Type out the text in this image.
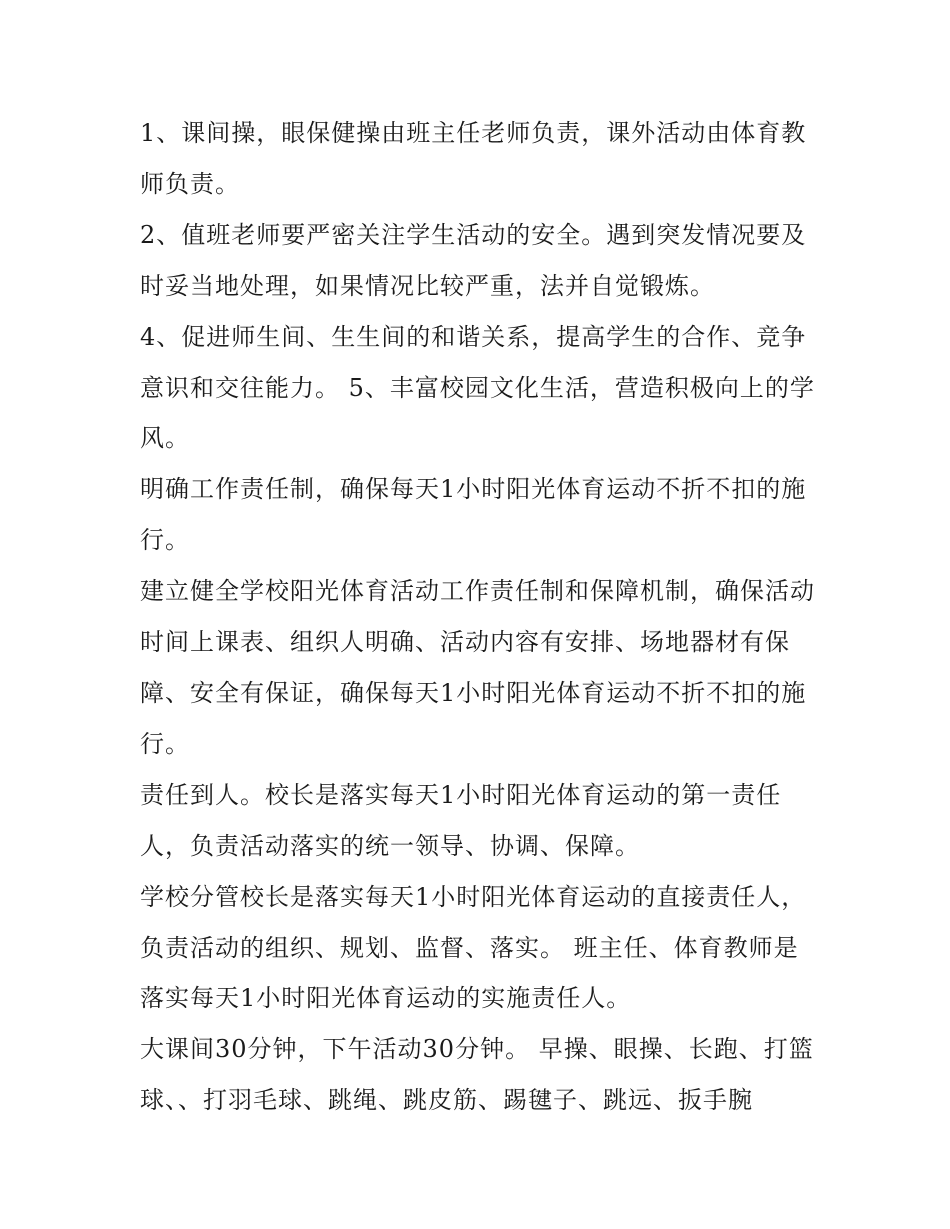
1、课间操，眼保健操由班主任老师负责，课外活动由体育教师负责。

2、值班老师要严密关注学生活动的安全。遇到突发情况要及时妥当地处理，如果情况比较严重，法并自觉锻炼。

4、促进师生间、生生间的和谐关系，提高学生的合作、竞争意识和交往能力。 5、丰富校园文化生活，营造积极向上的学风。

明确工作责任制，确保每天1小时阳光体育运动不折不扣的施行。

建立健全学校阳光体育活动工作责任制和保障机制，确保活动时间上课表、组织人明确、活动内容有安排、场地器材有保障、安全有保证，确保每天1小时阳光体育运动不折不扣的施行。

责任到人。校长是落实每天1小时阳光体育运动的第一责任人，负责活动落实的统一领导、协调、保障。

学校分管校长是落实每天1小时阳光体育运动的直接责任人，负责活动的组织、规划、监督、落实。 班主任、体育教师是落实每天1小时阳光体育运动的实施责任人。

大课间30分钟，下午活动30分钟。 早操、眼操、长跑、打篮球、、打羽毛球、跳绳、跳皮筋、踢毽子、跳远、扳手腕
